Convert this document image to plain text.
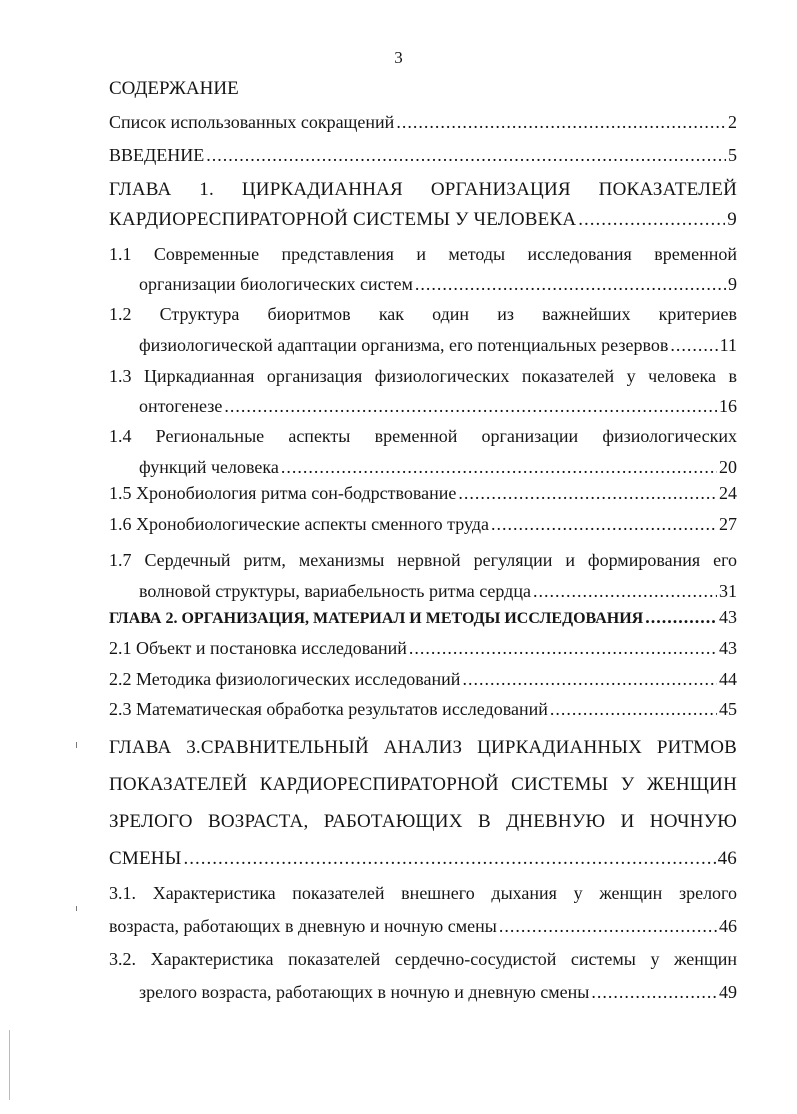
3
СОДЕРЖАНИЕ
Список использованных сокращений .....	2
ВВЕДЕНИЕ .....	5
ГЛАВА 1. ЦИРКАДИАННАЯ ОРГАНИЗАЦИЯ ПОКАЗАТЕЛЕЙ
КАРДИОРЕСПИРАТОРНОЙ СИСТЕМЫ У ЧЕЛОВЕКА .....	9
1.1 Современные представления и методы исследования временной
организации биологических систем .....	9
1.2 Структура биоритмов как один из важнейших критериев
физиологической адаптации организма, его потенциальных резервов .....	11
1.3 Циркадианная организация физиологических показателей у человека в
онтогенезе .....	16
1.4 Региональные аспекты временной организации физиологических
функций человека .....	20
1.5 Хронобиология ритма сон-бодрствование .....	24
1.6 Хронобиологические аспекты сменного труда .....	27
1.7 Сердечный ритм, механизмы нервной регуляции и формирования его
волновой структуры, вариабельность ритма сердца .....	31
ГЛАВА 2. ОРГАНИЗАЦИЯ, МАТЕРИАЛ И МЕТОДЫ ИССЛЕДОВАНИЯ .....	43
2.1 Объект и постановка исследований .....	43
2.2 Методика физиологических исследований .....	44
2.3 Математическая обработка результатов исследований .....	45
ГЛАВА 3.СРАВНИТЕЛЬНЫЙ АНАЛИЗ ЦИРКАДИАННЫХ РИТМОВ
ПОКАЗАТЕЛЕЙ КАРДИОРЕСПИРАТОРНОЙ СИСТЕМЫ У ЖЕНЩИН
ЗРЕЛОГО ВОЗРАСТА, РАБОТАЮЩИХ В ДНЕВНУЮ И НОЧНУЮ
СМЕНЫ .....	46
3.1. Характеристика показателей внешнего дыхания у женщин зрелого
возраста, работающих в дневную и ночную смены .....	46
3.2. Характеристика показателей сердечно-сосудистой системы у женщин
зрелого возраста, работающих в ночную и дневную смены .....	49
